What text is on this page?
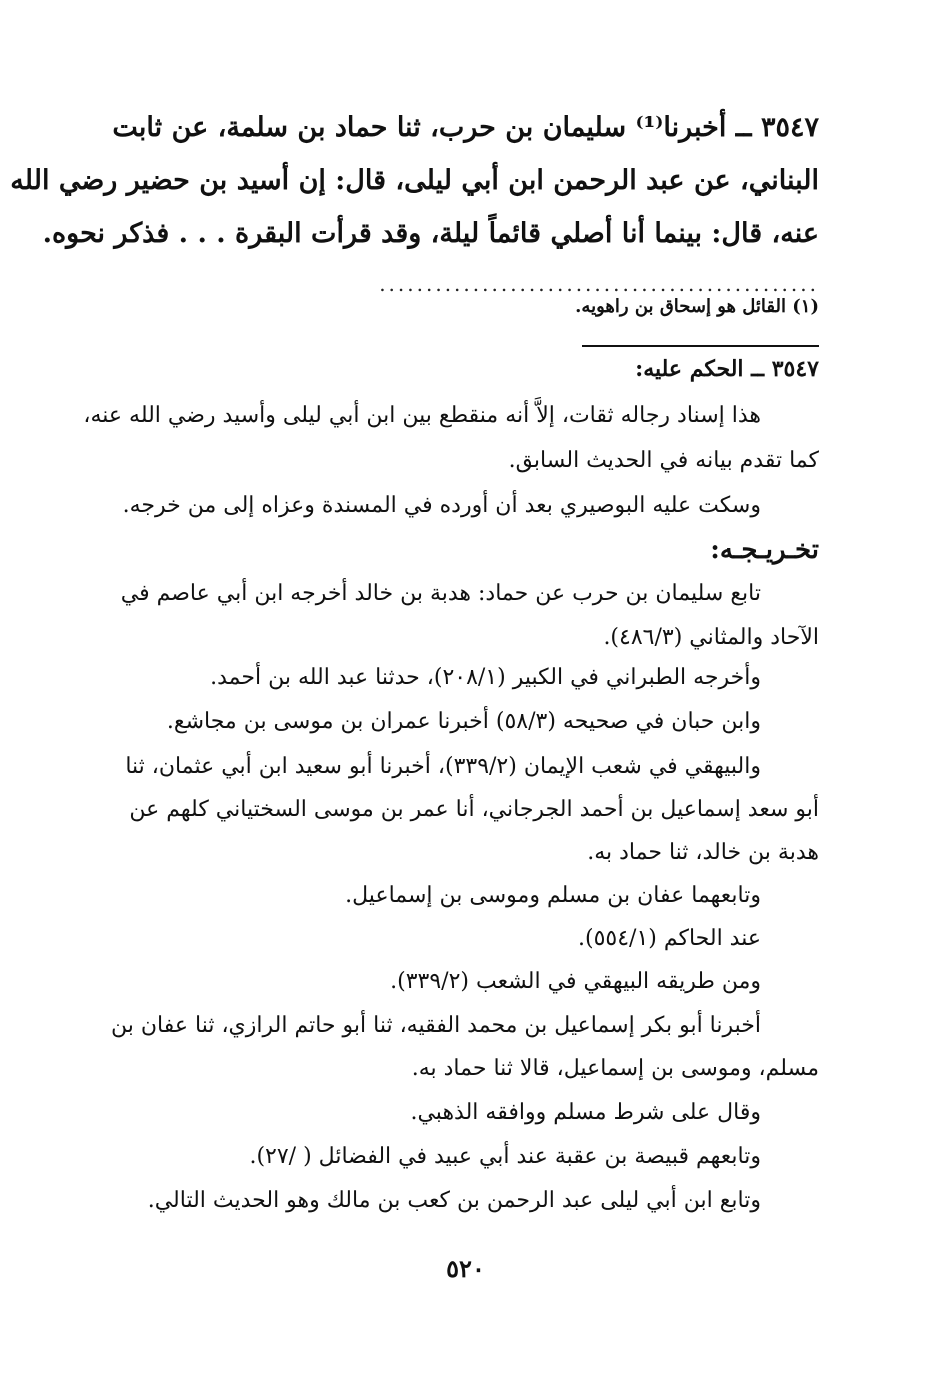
٣٥٤٧ ــ أخبرنا⁽¹⁾ سليمان بن حرب، ثنا حماد بن سلمة، عن ثابت
البناني، عن عبد الرحمن ابن أبي ليلى، قال: إن أسيد بن حضير رضي الله
عنه، قال: بينما أنا أصلي قائماً ليلة، وقد قرأت البقرة . . . فذكر نحوه.
...............................................
(١) القائل هو إسحاق بن راهويه.
٣٥٤٧ ــ الحكم عليه:
هذا إسناد رجاله ثقات، إلاَّ أنه منقطع بين ابن أبي ليلى وأسيد رضي الله عنه،
كما تقدم بيانه في الحديث السابق.
وسكت عليه البوصيري بعد أن أورده في المسندة وعزاه إلى من خرجه.
تخـريـجـه:
تابع سليمان بن حرب عن حماد: هدبة بن خالد أخرجه ابن أبي عاصم في
الآحاد والمثاني (٤٨٦/٣).
وأخرجه الطبراني في الكبير (٢٠٨/١)، حدثنا عبد الله بن أحمد.
وابن حبان في صحيحه (٥٨/٣) أخبرنا عمران بن موسى بن مجاشع.
والبيهقي في شعب الإيمان (٣٣٩/٢)، أخبرنا أبو سعيد ابن أبي عثمان، ثنا
أبو سعد إسماعيل بن أحمد الجرجاني، أنا عمر بن موسى السختياني كلهم عن
هدبة بن خالد، ثنا حماد به.
وتابعهما عفان بن مسلم وموسى بن إسماعيل.
عند الحاكم (٥٥٤/١).
ومن طريقه البيهقي في الشعب (٣٣٩/٢).
أخبرنا أبو بكر إسماعيل بن محمد الفقيه، ثنا أبو حاتم الرازي، ثنا عفان بن
مسلم، وموسى بن إسماعيل، قالا ثنا حماد به.
وقال على شرط مسلم ووافقه الذهبي.
وتابعهم قبيصة بن عقبة عند أبي عبيد في الفضائل ( /٢٧).
وتابع ابن أبي ليلى عبد الرحمن بن كعب بن مالك وهو الحديث التالي.
٥٢٠
